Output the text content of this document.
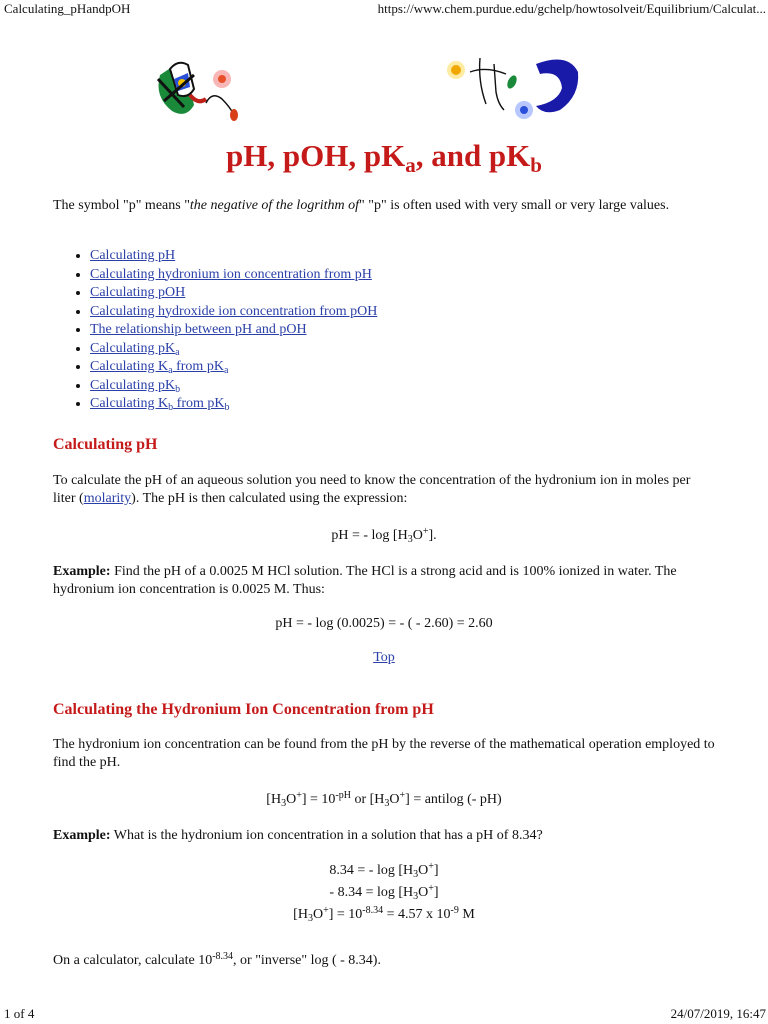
Calculating_pHandpOH	https://www.chem.purdue.edu/gchelp/howtosolveit/Equilibrium/Calculat...
1 of 4	24/07/2019, 16:47
pH, pOH, $pK_a$, and $pK_b$

The symbol "p" means "the negative of the logrithm of" "p" is often used with very small or very large values.

• Calculating pH
• Calculating hydronium ion concentration from pH
• Calculating pOH
• Calculating hydroxide ion concentration from pOH
• The relationship between pH and pOH
• Calculating $pK_a$
• Calculating $K_a$ from $pK_a$
• Calculating $pK_b$
• Calculating $K_b$ from $pK_b$
Calculating pH

To calculate the pH of an aqueous solution you need to know the concentration of the hydronium ion in moles per liter (molarity). The pH is then calculated using the expression:

pH = - $\log [H_3O^+]$.

Example: Find the pH of a 0.0025 M HCl solution. The HCl is a strong acid and is 100% ionized in water. The hydronium ion concentration is 0.0025 M. Thus:

pH = - log (0.0025) = - ( - 2.60) = 2.60
Top
Calculating the Hydronium Ion Concentration from pH

The hydronium ion concentration can be found from the pH by the reverse of the mathematical operation employed to find the pH.

$[H_3O^+] = 10^{-pH}$ or $[H_3O^+]$ = antilog (- pH)

Example: What is the hydronium ion concentration in a solution that has a pH of 8.34?

8.34 = - $\log [H_3O^+]$
- $8.34 = \log [H_3O^+]$
$[H_3O^+] = 10^{-8.34} = 4.57$ x $10^{-9}$ M

On a calculator, calculate $10^{-8.34}$, or "inverse" log ( - 8.34).
